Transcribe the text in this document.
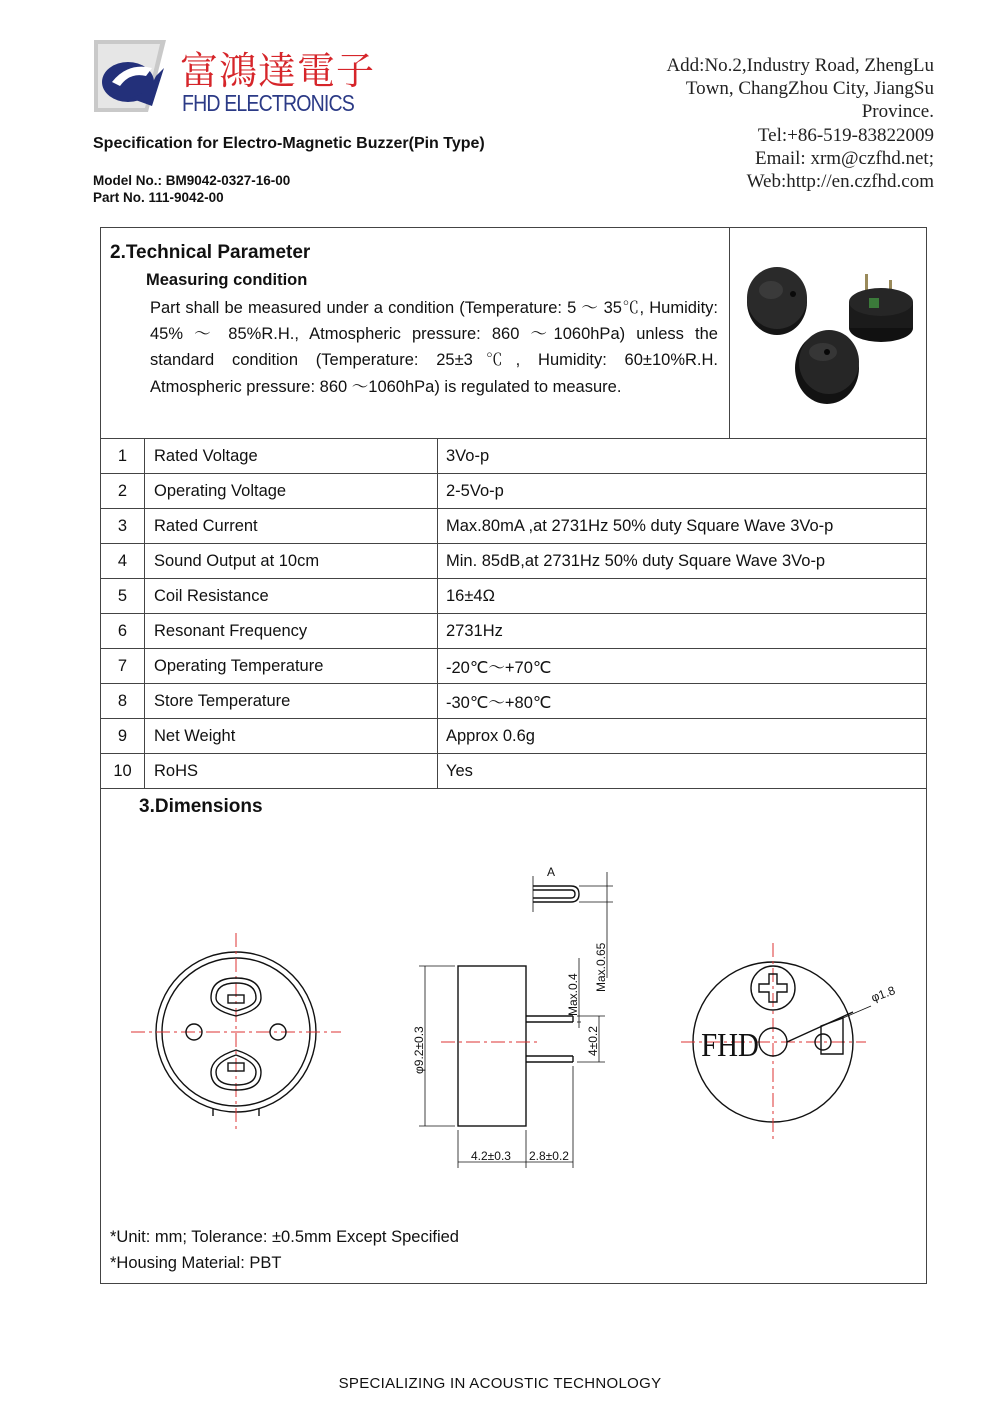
富鴻達電子
FHD ELECTRONICS
Add:No.2,Industry Road, ZhengLu
Town, ChangZhou City, JiangSu
Province.
Tel:+86-519-83822009
Email: xrm@czfhd.net;
Web:http://en.czfhd.com
Specification for Electro-Magnetic Buzzer(Pin Type)
Model No.: BM9042-0327-16-00
Part No. 111-9042-00
2.Technical Parameter
Measuring condition
Part shall be measured under a condition (Temperature: 5 ～ 35℃, Humidity: 45% ～ 85%R.H., Atmospheric pressure: 860 ～1060hPa) unless the standard condition (Temperature: 25±3℃, Humidity: 60±10%R.H. Atmospheric pressure: 860 ～1060hPa) is regulated to measure.
1	Rated Voltage	3Vo-p
2	Operating Voltage	2-5Vo-p
3	Rated Current	Max.80mA ,at 2731Hz 50% duty Square Wave 3Vo-p
4	Sound Output at 10cm	Min. 85dB,at 2731Hz 50% duty Square Wave 3Vo-p
5	Coil Resistance	16±4Ω
6	Resonant Frequency	2731Hz
7	Operating Temperature	-20℃～+70℃
8	Store Temperature	-30℃～+80℃
9	Net Weight	Approx 0.6g
10	RoHS	Yes
3.Dimensions
A
Max.0.65
Max.0.4
φ9.2±0.3	4±0.2
4.2±0.3 2.8±0.2
FHD
φ1.8
*Unit: mm; Tolerance: ±0.5mm Except Specified
*Housing Material: PBT
SPECIALIZING IN ACOUSTIC TECHNOLOGY
